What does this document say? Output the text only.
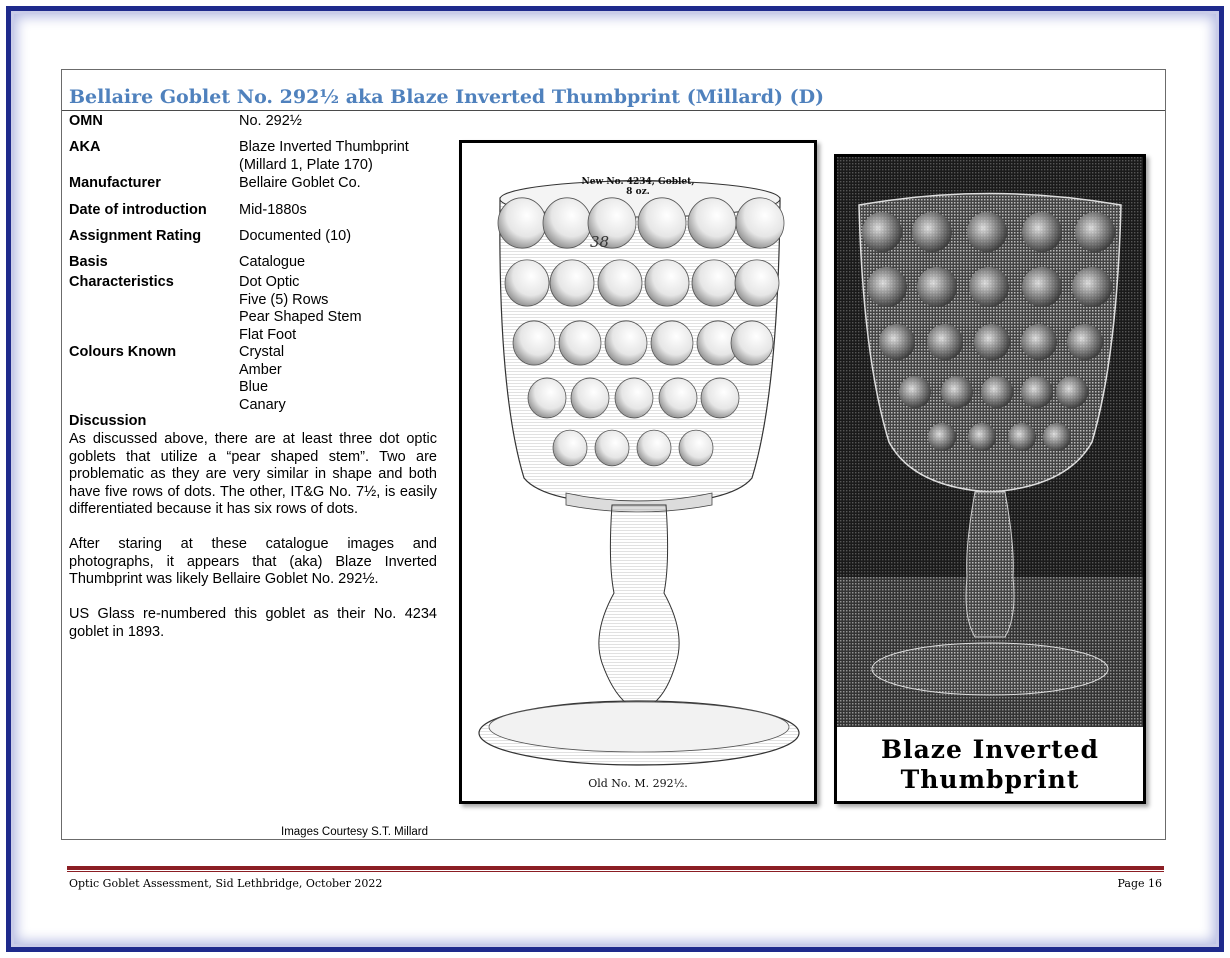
Bellaire Goblet No. 292½ aka Blaze Inverted Thumbprint (Millard) (D)
OMN	No. 292½
AKA	Blaze Inverted Thumbprint
(Millard 1, Plate 170)
Manufacturer	Bellaire Goblet Co.
Date of introduction	Mid-1880s
Assignment Rating	Documented (10)
Basis	Catalogue
Characteristics	Dot Optic
Five (5) Rows
Pear Shaped Stem
Flat Foot
Colours Known	Crystal
Amber
Blue
Canary
Discussion
As discussed above, there are at least three dot optic goblets that utilize a “pear shaped stem”. Two are problematic as they are very similar in shape and both have five rows of dots. The other, IT&G No. 7½, is easily differentiated because it has six rows of dots.
After staring at these catalogue images and photographs, it appears that (aka) Blaze Inverted Thumbprint was likely Bellaire Goblet No. 292½.
US Glass re-numbered this goblet as their No. 4234 goblet in 1893.
Images Courtesy S.T. Millard
38
New No. 4234, Goblet,
8 oz.
Old No. M. 292½.
Blaze Inverted
Thumbprint
Optic Goblet Assessment, Sid Lethbridge, October 2022	Page 16
